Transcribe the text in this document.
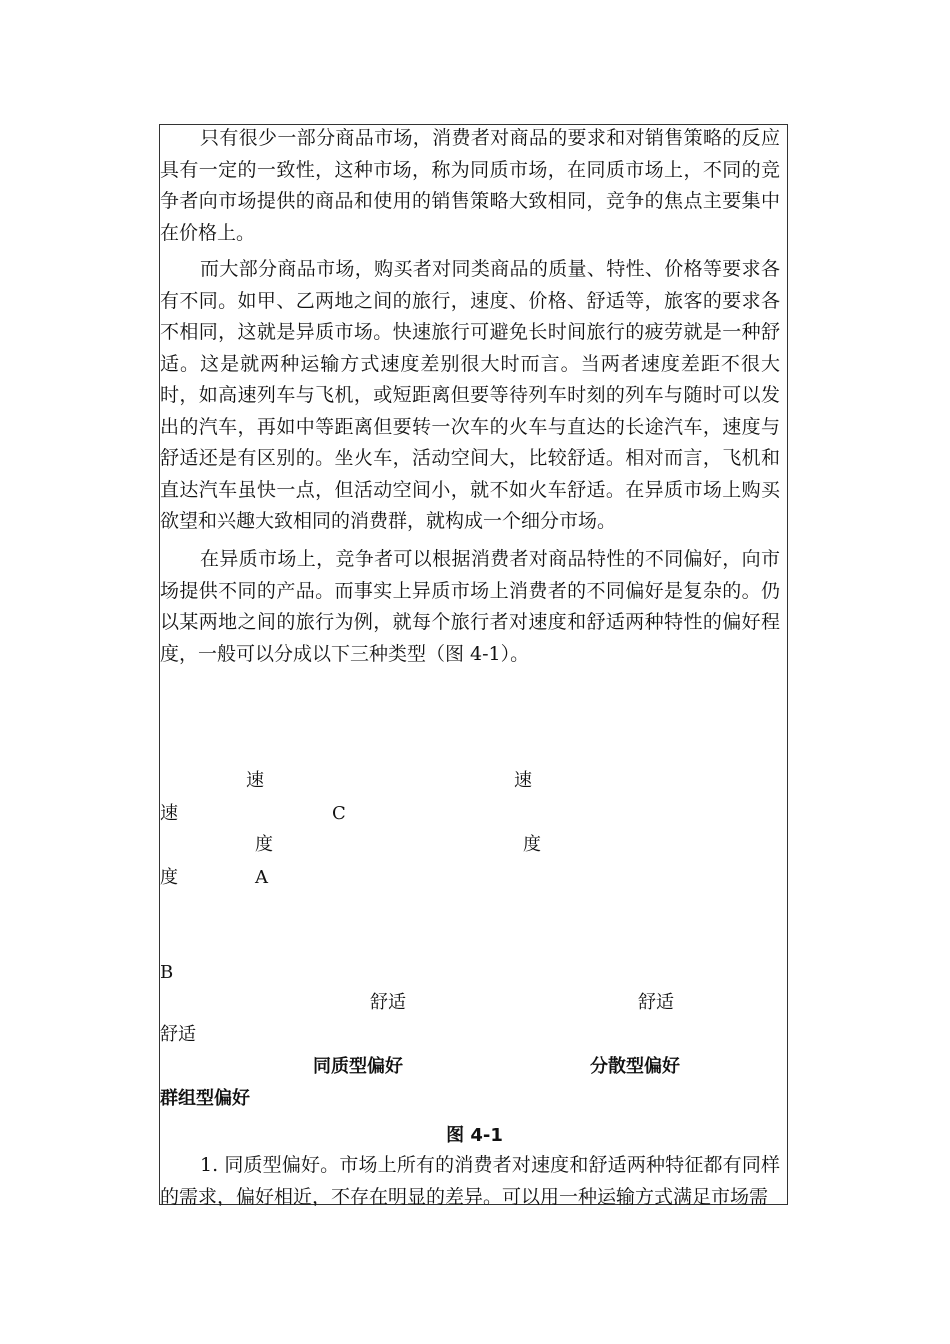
只有很少一部分商品市场，消费者对商品的要求和对销售策略的反应具有一定的一致性，这种市场，称为同质市场，在同质市场上，不同的竞争者向市场提供的商品和使用的销售策略大致相同，竞争的焦点主要集中在价格上。

而大部分商品市场，购买者对同类商品的质量、特性、价格等要求各有不同。如甲、乙两地之间的旅行，速度、价格、舒适等，旅客的要求各不相同，这就是异质市场。快速旅行可避免长时间旅行的疲劳就是一种舒适。这是就两种运输方式速度差别很大时而言。当两者速度差距不很大时，如高速列车与飞机，或短距离但要等待列车时刻的列车与随时可以发出的汽车，再如中等距离但要转一次车的火车与直达的长途汽车，速度与舒适还是有区别的。坐火车，活动空间大，比较舒适。相对而言，飞机和直达汽车虽快一点，但活动空间小，就不如火车舒适。在异质市场上购买欲望和兴趣大致相同的消费群，就构成一个细分市场。

在异质市场上，竞争者可以根据消费者对商品特性的不同偏好，向市场提供不同的产品。而事实上异质市场上消费者的不同偏好是复杂的。仍以某两地之间的旅行为例，就每个旅行者对速度和舒适两种特性的偏好程度，一般可以分成以下三种类型（图 4-1）。

速	速
速	C
度	度
度	A
B
舒适	舒适
舒适
同质型偏好	分散型偏好
群组型偏好
图 4-1

1. 同质型偏好。市场上所有的消费者对速度和舒适两种特征都有同样的需求，偏好相近，不存在明显的差异。可以用一种运输方式满足市场需
